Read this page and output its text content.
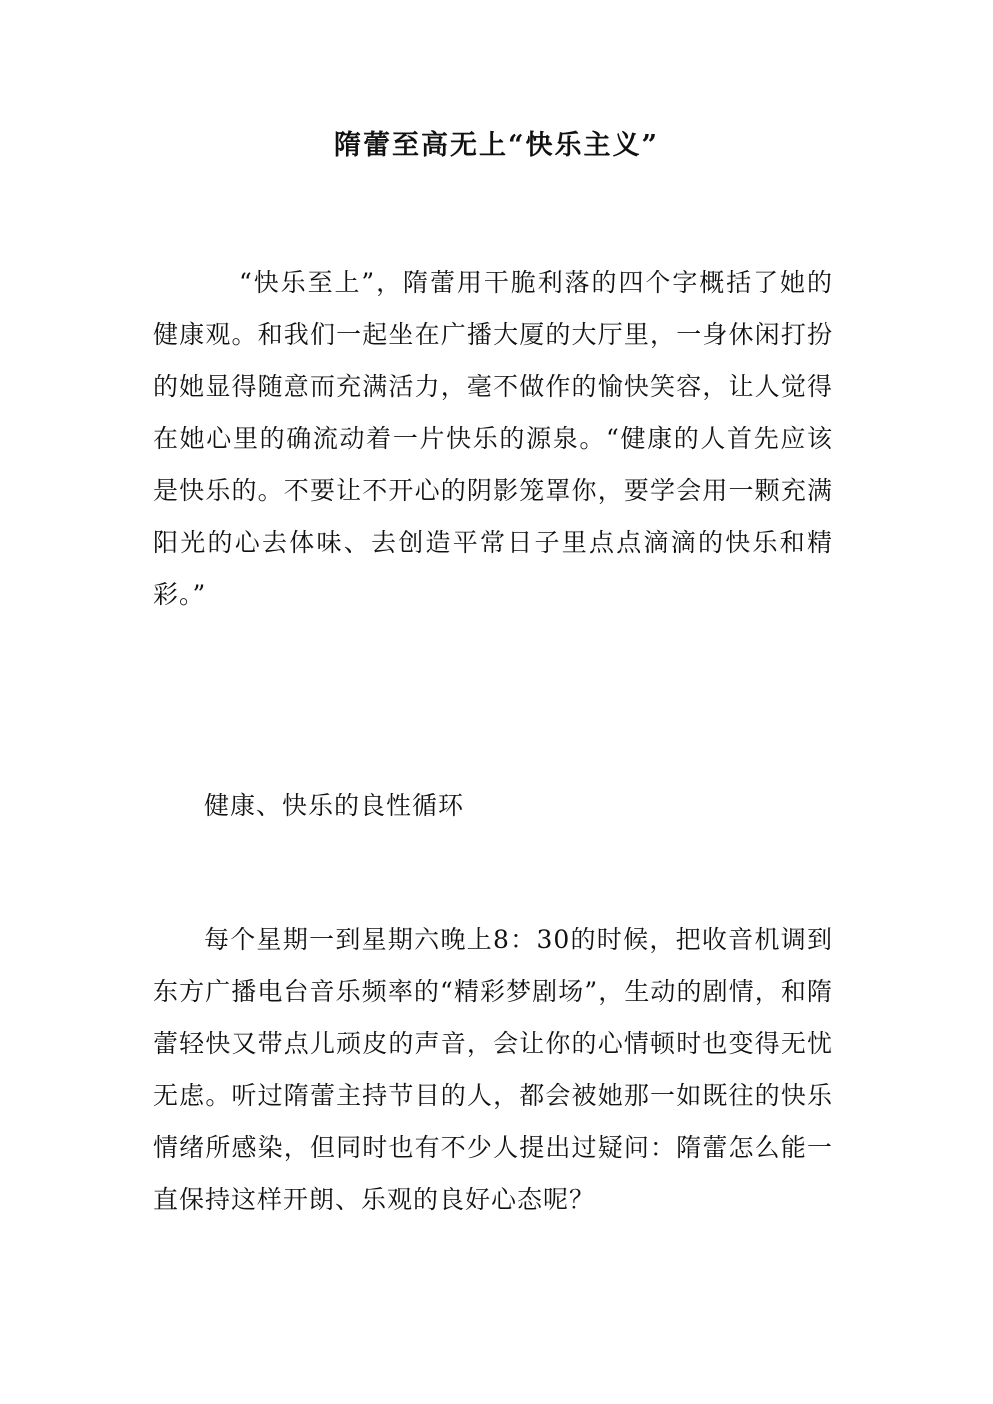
隋蕾至高无上“快乐主义”

“快乐至上”，隋蕾用干脆利落的四个字概括了她的健康观。和我们一起坐在广播大厦的大厅里，一身休闲打扮的她显得随意而充满活力，毫不做作的愉快笑容，让人觉得在她心里的确流动着一片快乐的源泉。“健康的人首先应该是快乐的。不要让不开心的阴影笼罩你，要学会用一颗充满阳光的心去体味、去创造平常日子里点点滴滴的快乐和精彩。”

健康、快乐的良性循环

每个星期一到星期六晚上8：30的时候，把收音机调到东方广播电台音乐频率的“精彩梦剧场”，生动的剧情，和隋蕾轻快又带点儿顽皮的声音，会让你的心情顿时也变得无忧无虑。听过隋蕾主持节目的人，都会被她那一如既往的快乐情绪所感染，但同时也有不少人提出过疑问：隋蕾怎么能一直保持这样开朗、乐观的良好心态呢？
